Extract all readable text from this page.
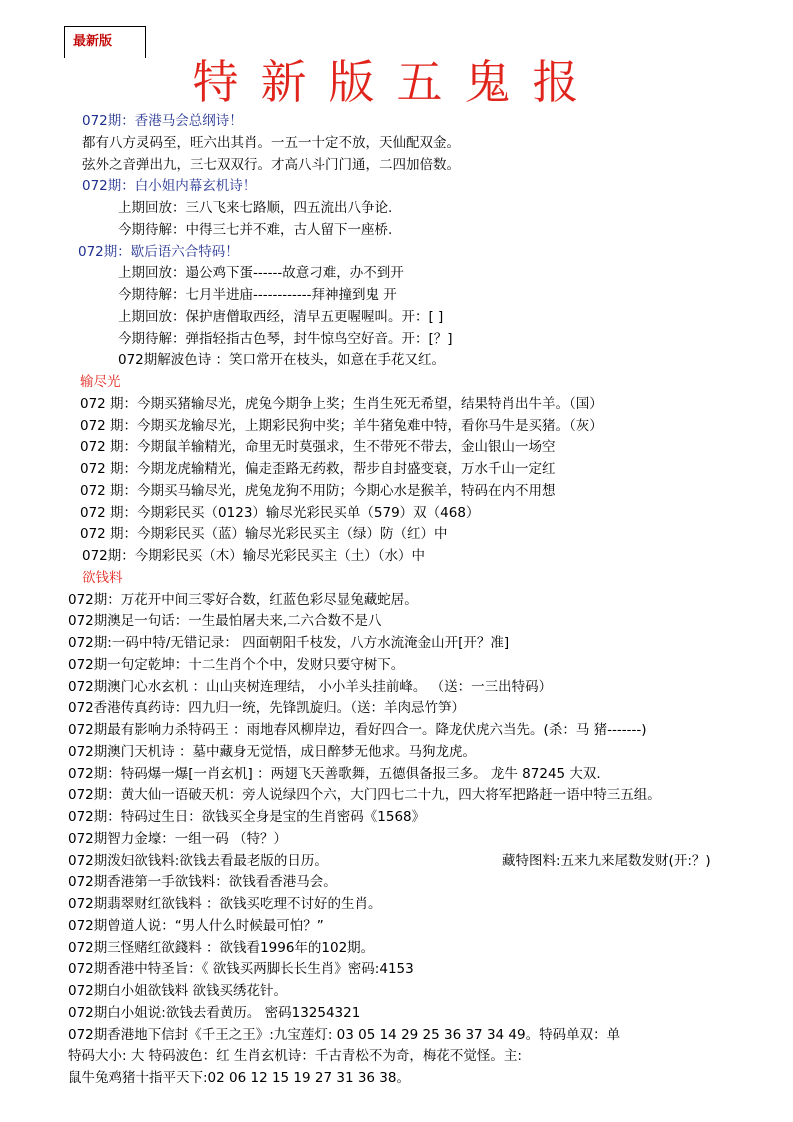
最新版
特新版五鬼报
072期：香港马会总纲诗！
都有八方灵码至，旺六出其肖。一五一十定不放，天仙配双金。
弦外之音弹出九，三七双双行。才高八斗门门通，二四加倍数。
072期：白小姐内幕玄机诗！
上期回放：三八飞来七路顺，四五流出八争论.
今期待解：中得三七并不难，古人留下一座桥.
072期：歇后语六合特码！
上期回放：遢公鸡下蛋------故意刁难，办不到开
今期待解：七月半进庙------------拜神撞到鬼 开
上期回放：保护唐僧取西经，清早五更喔喔叫。开：[ ]
今期待解：弹指轻指古色琴，封牛惊鸟空好音。开：[？]
072期解波色诗 ：笑口常开在枝头，如意在手花又红。
输尽光
072 期：今期买猪输尽光，虎兔今期争上奖；生肖生死无希望，结果特肖出牛羊。（国）
072 期：今期买龙输尽光，上期彩民狗中奖；羊牛猪兔难中特，看你马牛是买猪。（灰）
072 期：今期鼠羊输精光，命里无时莫强求，生不带死不带去，金山银山一场空
072 期：今期龙虎输精光，偏走歪路无药救，帮步自封盛变衰，万水千山一定红
072 期：今期买马输尽光，虎兔龙狗不用防；今期心水是猴羊，特码在内不用想
072 期：今期彩民买（0123）输尽光彩民买单（579）双（468）
072 期：今期彩民买（蓝）输尽光彩民买主（绿）防（红）中
072期：今期彩民买（木）输尽光彩民买主（土）（水）中
欲钱料
072期：万花开中间三零好合数，红蓝色彩尽显兔藏蛇居。
072期澳足一句话：一生最怕屠夫来,二六合数不是八
072期:一码中特/无错记录： 四面朝阳千枝发，八方水流淹金山开[开？准]
072期一句定乾坤：十二生肖个个中，发财只要守树下。
072期澳门心水玄机 ：山山夹树连理结， 小小羊头挂前峰。 （送：一三出特码）
072香港传真药诗：四九归一统，先锋凯旋归。（送：羊肉忌竹笋）
072期最有影响力杀特码王 ：雨地春风柳岸边，看好四合一。降龙伏虎六当先。(杀：马 猪-------)
072期澳门天机诗 ：墓中藏身无觉悟，成日醉梦无他求。马狗龙虎。
072期：特码爆一爆[一肖玄机] ：两翅飞天善歌舞，五德俱备报三多。 龙牛 87245 大双.
072期：黄大仙一语破天机：旁人说绿四个六，大门四七二十九，四大将军把路赶一语中特三五组。
072期：特码过生日：欲钱买全身是宝的生肖密码《1568》
072期智力金壕：一组一码 （特？）
072期泼妇欲钱料:欲钱去看最老版的日历。
072期香港第一手欲钱料：欲钱看香港马会。
072期翡翠财红欲钱料 ：欲钱买吃理不讨好的生肖。
072期曾道人说：“男人什么时候最可怕？”
072期三怪赌红欲錢料 ：欲钱看1996年的102期。
072期香港中特圣旨：《 欲钱买两脚长长生肖》密码:4153
072期白小姐欲钱料 欲钱买绣花针。
072期白小姐说:欲钱去看黄历。 密码13254321
072期香港地下信封《千王之王》:九宝莲灯: 03 05 14 29 25 36 37 34 49。特码单双：单
特码大小: 大 特码波色：红 生肖玄机诗：千古青松不为奇，梅花不觉怪。主:
鼠牛兔鸡猪十指平天下:02 06 12 15 19 27 31 36 38。
藏特图料:五来九来尾数发财(开:？)
